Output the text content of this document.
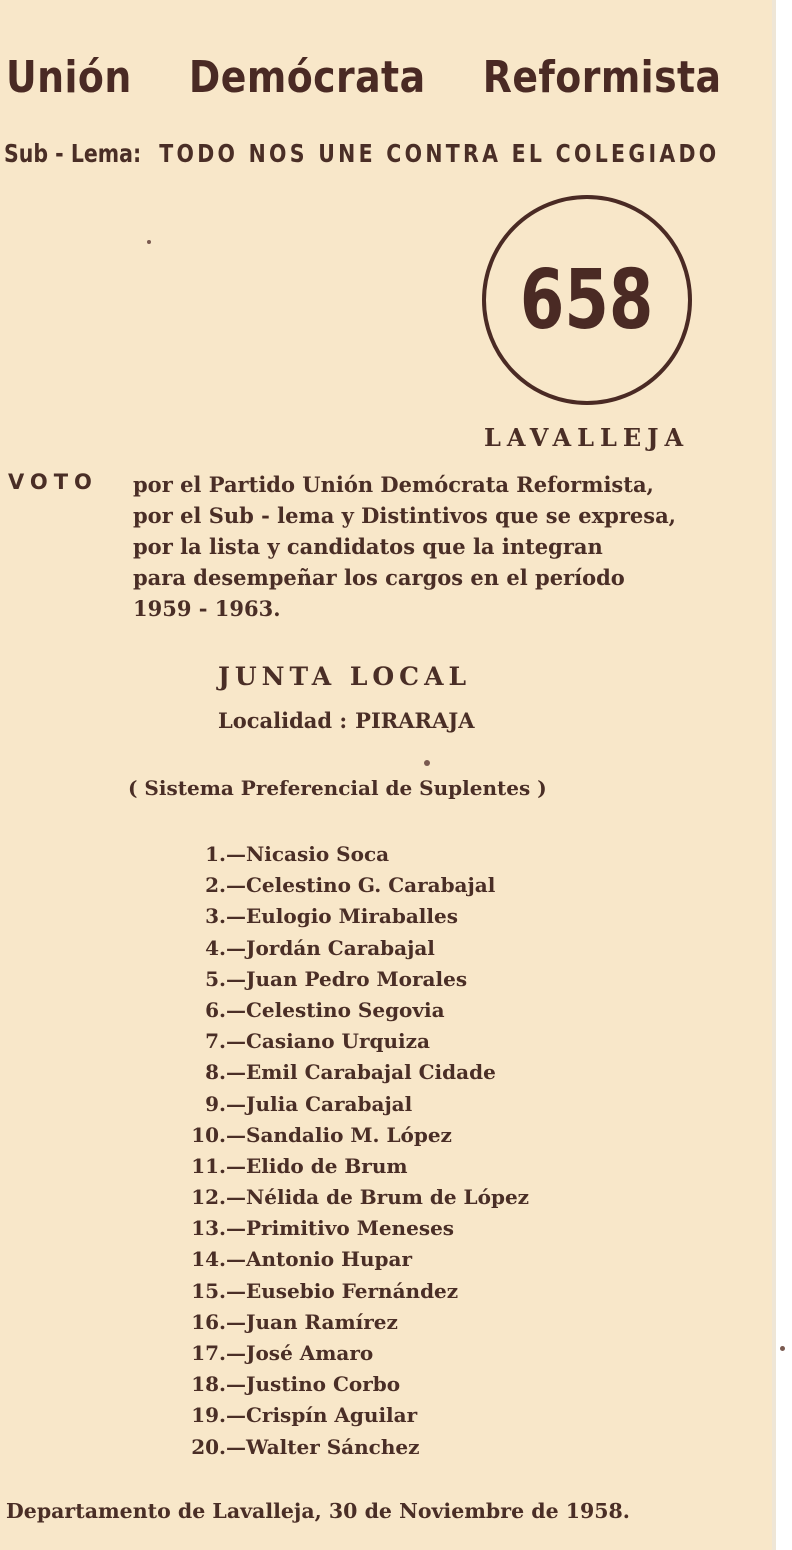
Unión Demócrata Reformista
Sub - Lema: TODO NOS UNE CONTRA EL COLEGIADO
658
LAVALLEJA
VOTO por el Partido Unión Demócrata Reformista,
por el Sub - lema y Distintivos que se expresa,
por la lista y candidatos que la integran
para desempeñar los cargos en el período
1959 - 1963.
JUNTA LOCAL
Localidad : PIRARAJA
( Sistema Preferencial de Suplentes )
1.— Nicasio Soca
2.— Celestino G. Carabajal
3.— Eulogio Miraballes
4.— Jordán Carabajal
5.— Juan Pedro Morales
6.— Celestino Segovia
7.— Casiano Urquiza
8.— Emil Carabajal Cidade
9.— Julia Carabajal
10.— Sandalio M. López
11.— Elido de Brum
12.— Nélida de Brum de López
13.— Primitivo Meneses
14.— Antonio Hupar
15.— Eusebio Fernández
16.— Juan Ramírez
17.— José Amaro
18.— Justino Corbo
19.— Crispín Aguilar
20.— Walter Sánchez
Departamento de Lavalleja, 30 de Noviembre de 1958.
